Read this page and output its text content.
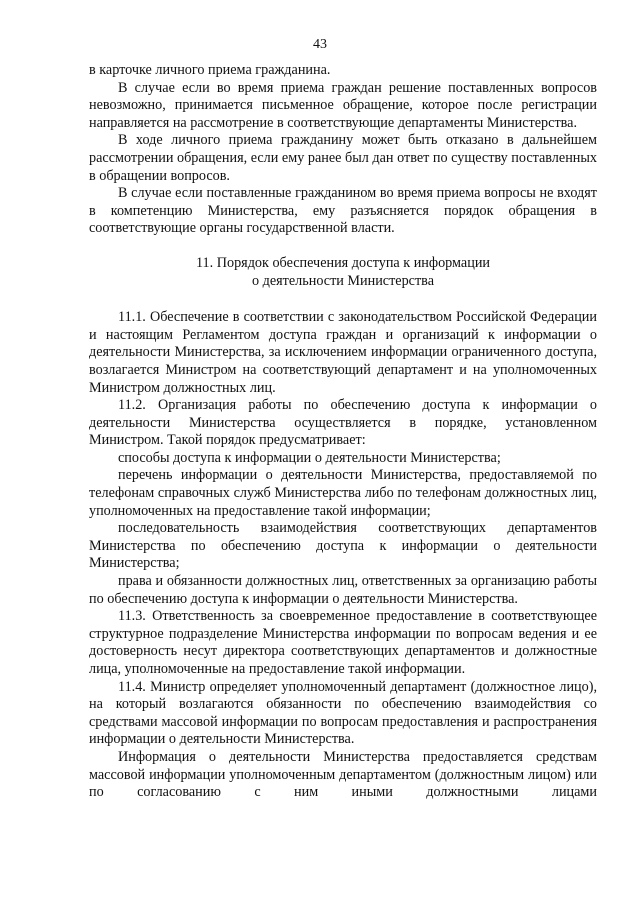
43

в карточке личного приема гражданина.

В случае если во время приема граждан решение поставленных вопросов невозможно, принимается письменное обращение, которое после регистрации направляется на рассмотрение в соответствующие департаменты Министерства.

В ходе личного приема гражданину может быть отказано в дальнейшем рассмотрении обращения, если ему ранее был дан ответ по существу поставленных в обращении вопросов.

В случае если поставленные гражданином во время приема вопросы не входят в компетенцию Министерства, ему разъясняется порядок обращения в соответствующие органы государственной власти.

11. Порядок обеспечения доступа к информации
о деятельности Министерства

11.1. Обеспечение в соответствии с законодательством Российской Федерации и настоящим Регламентом доступа граждан и организаций к информации о деятельности Министерства, за исключением информации ограниченного доступа, возлагается Министром на соответствующий департамент и на уполномоченных Министром должностных лиц.

11.2. Организация работы по обеспечению доступа к информации о деятельности Министерства осуществляется в порядке, установленном Министром. Такой порядок предусматривает:

способы доступа к информации о деятельности Министерства;

перечень информации о деятельности Министерства, предоставляемой по телефонам справочных служб Министерства либо по телефонам должностных лиц, уполномоченных на предоставление такой информации;

последовательность взаимодействия соответствующих департаментов Министерства по обеспечению доступа к информации о деятельности Министерства;

права и обязанности должностных лиц, ответственных за организацию работы по обеспечению доступа к информации о деятельности Министерства.

11.3. Ответственность за своевременное предоставление в соответствующее структурное подразделение Министерства информации по вопросам ведения и ее достоверность несут директора соответствующих департаментов и должностные лица, уполномоченные на предоставление такой информации.

11.4. Министр определяет уполномоченный департамент (должностное лицо), на который возлагаются обязанности по обеспечению взаимодействия со средствами массовой информации по вопросам предоставления и распространения информации о деятельности Министерства.

Информация о деятельности Министерства предоставляется средствам массовой информации уполномоченным департаментом (должностным лицом) или по согласованию с ним иными должностными лицами
